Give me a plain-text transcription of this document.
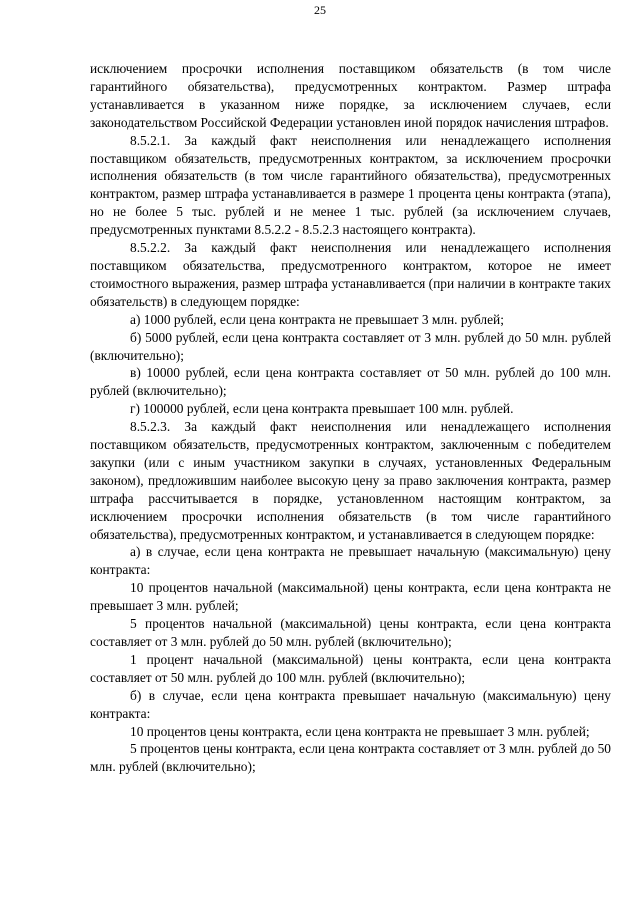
25

исключением просрочки исполнения поставщиком обязательств (в том числе гарантийного обязательства), предусмотренных контрактом. Размер штрафа устанавливается в указанном ниже порядке, за исключением случаев, если законодательством Российской Федерации установлен иной порядок начисления штрафов.

8.5.2.1. За каждый факт неисполнения или ненадлежащего исполнения поставщиком обязательств, предусмотренных контрактом, за исключением просрочки исполнения обязательств (в том числе гарантийного обязательства), предусмотренных контрактом, размер штрафа устанавливается в размере 1 процента цены контракта (этапа), но не более 5 тыс. рублей и не менее 1 тыс. рублей (за исключением случаев, предусмотренных пунктами 8.5.2.2 - 8.5.2.3 настоящего контракта).

8.5.2.2. За каждый факт неисполнения или ненадлежащего исполнения поставщиком обязательства, предусмотренного контрактом, которое не имеет стоимостного выражения, размер штрафа устанавливается (при наличии в контракте таких обязательств) в следующем порядке:

а) 1000 рублей, если цена контракта не превышает 3 млн. рублей;

б) 5000 рублей, если цена контракта составляет от 3 млн. рублей до 50 млн. рублей (включительно);

в) 10000 рублей, если цена контракта составляет от 50 млн. рублей до 100 млн. рублей (включительно);

г) 100000 рублей, если цена контракта превышает 100 млн. рублей.

8.5.2.3. За каждый факт неисполнения или ненадлежащего исполнения поставщиком обязательств, предусмотренных контрактом, заключенным с победителем закупки (или с иным участником закупки в случаях, установленных Федеральным законом), предложившим наиболее высокую цену за право заключения контракта, размер штрафа рассчитывается в порядке, установленном настоящим контрактом, за исключением просрочки исполнения обязательств (в том числе гарантийного обязательства), предусмотренных контрактом, и устанавливается в следующем порядке:

а) в случае, если цена контракта не превышает начальную (максимальную) цену контракта:

10 процентов начальной (максимальной) цены контракта, если цена контракта не превышает 3 млн. рублей;

5 процентов начальной (максимальной) цены контракта, если цена контракта составляет от 3 млн. рублей до 50 млн. рублей (включительно);

1 процент начальной (максимальной) цены контракта, если цена контракта составляет от 50 млн. рублей до 100 млн. рублей (включительно);

б) в случае, если цена контракта превышает начальную (максимальную) цену контракта:

10 процентов цены контракта, если цена контракта не превышает 3 млн. рублей;

5 процентов цены контракта, если цена контракта составляет от 3 млн. рублей до 50 млн. рублей (включительно);
